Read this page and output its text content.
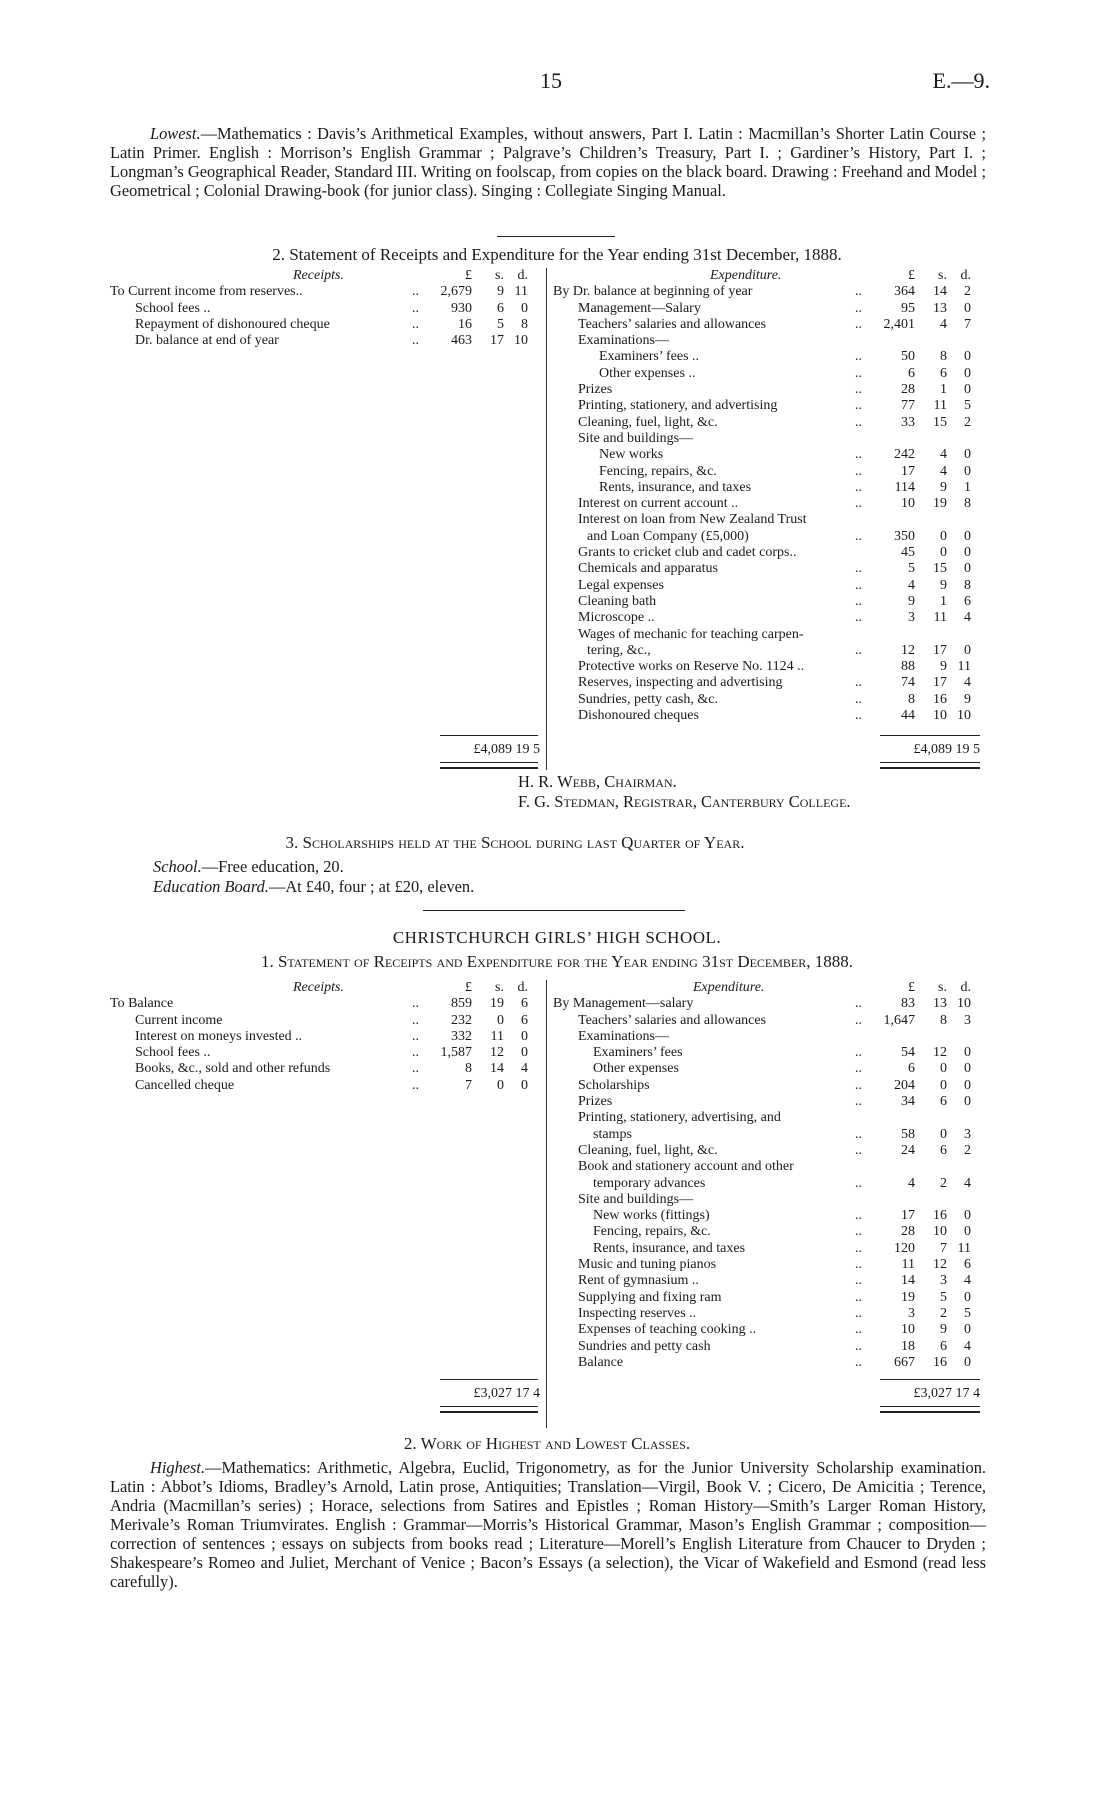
15	E.—9.
Lowest.—Mathematics : Davis’s Arithmetical Examples, without answers, Part I. Latin : Macmillan’s Shorter Latin Course ; Latin Primer. English : Morrison’s English Grammar ; Palgrave’s Children’s Treasury, Part I. ; Gardiner’s History, Part I. ; Longman’s Geographical Reader, Standard III. Writing on foolscap, from copies on the black board. Drawing : Freehand and Model ; Geometrical ; Colonial Drawing-book (for junior class). Singing : Collegiate Singing Manual.
2. Statement of Receipts and Expenditure for the Year ending 31st December, 1888.
Receipts.	£	s. d.
To Current income from reserves..	..	2,679	9 11
School fees ..	..	930	6	0
Repayment of dishonoured cheque	..	16	5	8
Dr. balance at end of year	..	463	17 10
Expenditure.	£	s. d.
By Dr. balance at beginning of year	..	364	14	2
Management—Salary	..	95	13	0
Teachers’ salaries and allowances	..	2,401	4	7
Examinations—
Examiners’ fees ..	..	50	8	0
Other expenses ..	..	6	6	0
Prizes	..	28	1	0
Printing, stationery, and advertising	..	77	11	5
Cleaning, fuel, light, &c.	..	33	15	2
Site and buildings—
New works	..	242	4	0
Fencing, repairs, &c.	..	17	4	0
Rents, insurance, and taxes	..	114	9	1
Interest on current account ..	..	10	19	8
Interest on loan from New Zealand Trust
and Loan Company (£5,000)	..	350	0	0
Grants to cricket club and cadet corps..	45	0	0
Chemicals and apparatus	..	5	15	0
Legal expenses	..	4	9	8
Cleaning bath	..	9	1	6
Microscope ..	..	3	11	4
Wages of mechanic for teaching carpen-
tering, &c.,	..	12	17	0
Protective works on Reserve No. 1124 ..	88	9 11
Reserves, inspecting and advertising	..	74	17	4
Sundries, petty cash, &c.	..	8	16	9
Dishonoured cheques	..	44	10 10
£4,089 19 5	£4,089 19 5
H. R. Webb, Chairman.
F. G. Stedman, Registrar, Canterbury College.
3. Scholarships held at the School during last Quarter of Year.
School.—Free education, 20.
Education Board.—At £40, four ; at £20, eleven.
CHRISTCHURCH GIRLS’ HIGH SCHOOL.
1. Statement of Receipts and Expenditure for the Year ending 31st December, 1888.
Receipts.	£	s. d.
To Balance	..	859	19	6
Current income	..	232	0	6
Interest on moneys invested ..	..	332	11	0
School fees ..	..	1,587	12	0
Books, &c., sold and other refunds	..	8	14	4
Cancelled cheque	..	7	0	0
Expenditure.	£	s. d.
By Management—salary	..	83	13 10
Teachers’ salaries and allowances	..	1,647	8	3
Examinations—
Examiners’ fees	..	54	12	0
Other expenses	..	6	0	0
Scholarships	..	204	0	0
Prizes	..	34	6	0
Printing, stationery, advertising, and
stamps	..	58	0	3
Cleaning, fuel, light, &c.	..	24	6	2
Book and stationery account and other
temporary advances	..	4	2	4
Site and buildings—
New works (fittings)	..	17	16	0
Fencing, repairs, &c.	..	28	10	0
Rents, insurance, and taxes	..	120	7 11
Music and tuning pianos	..	11	12	6
Rent of gymnasium ..	..	14	3	4
Supplying and fixing ram	..	19	5	0
Inspecting reserves ..	..	3	2	5
Expenses of teaching cooking ..	..	10	9	0
Sundries and petty cash	..	18	6	4
Balance	..	667	16	0
£3,027 17 4	£3,027 17 4
2. Work of Highest and Lowest Classes.
Highest.—Mathematics: Arithmetic, Algebra, Euclid, Trigonometry, as for the Junior University Scholarship examination. Latin : Abbot’s Idioms, Bradley’s Arnold, Latin prose, Antiquities; Translation—Virgil, Book V. ; Cicero, De Amicitia ; Terence, Andria (Macmillan’s series) ; Horace, selections from Satires and Epistles ; Roman History—Smith’s Larger Roman History, Merivale’s Roman Triumvirates. English : Grammar—Morris’s Historical Grammar, Mason’s English Grammar ; composition—correction of sentences ; essays on subjects from books read ; Literature—Morell’s English Literature from Chaucer to Dryden ; Shakespeare’s Romeo and Juliet, Merchant of Venice ; Bacon’s Essays (a selection), the Vicar of Wakefield and Esmond (read less carefully).
